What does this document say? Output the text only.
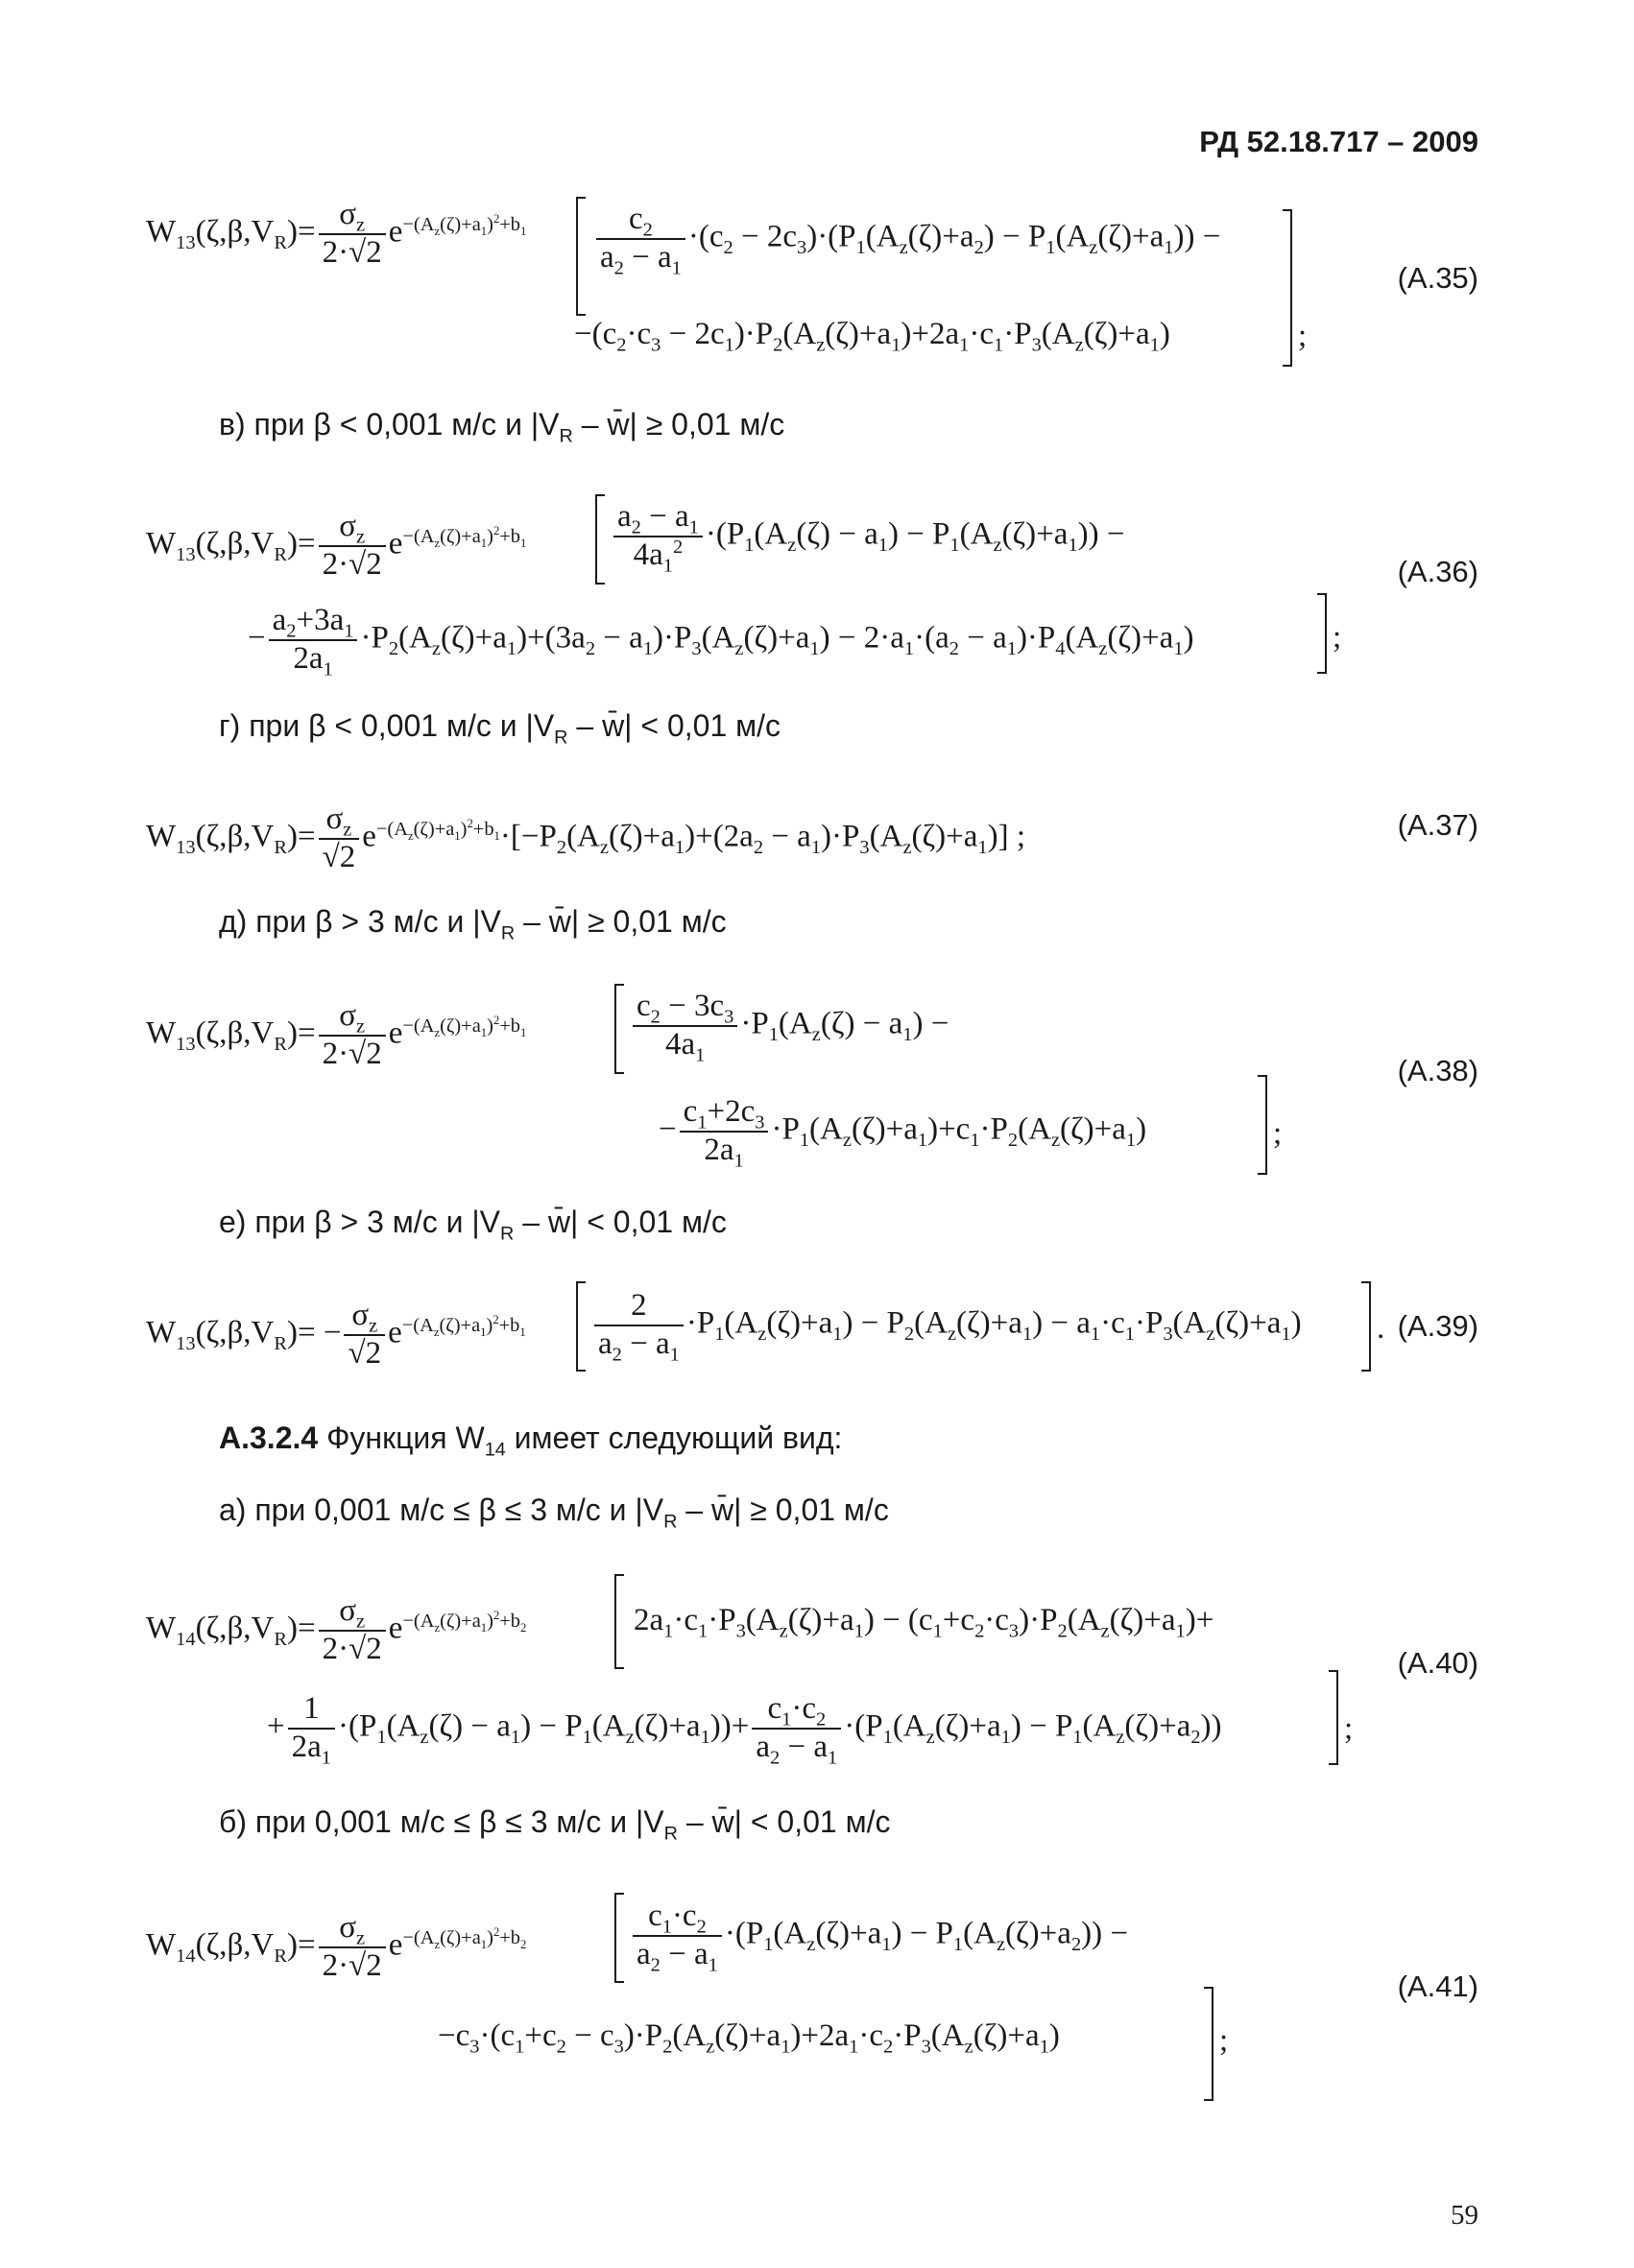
РД 52.18.717 – 2009
$W_{13}(\zeta,\beta,V_R)= \frac{\sigma_z}{2\cdot√2} e^{-(A_z(\zeta)+a_1)^2+b_1} \frac{c_2}{a_2 - a_1} \cdot(c_2 - 2c_3)\cdot(P_1(A_z(\zeta)+a_2) - P_1(A_z(\zeta)+a_1))$ −
$-(c_2\cdot c_3 - 2c_1)\cdot P_2(A_z(\zeta)+a_1)+2a_1\cdot c_1\cdot P_3(A_z(\zeta)+a_1)$	;
(А.35)
в) при β < 0,001 м/с и $|V_R$ – w̄| ≥ 0,01 м/с
$W_{13}(\zeta,\beta,V_R)= \frac{\sigma_z}{2\cdot√2} e^{-(A_z(\zeta)+a_1)^2+b_1}$	$\frac{a_2 - a_1}{4a_1^2} \cdot(P_1(A_z(\zeta) - a_1) - P_1(A_z(\zeta)+a_1))$ −
− $\frac{a_2+3a_1}{2a_1} \cdot P_2(A_z(\zeta)+a_1)+(3a_2 - a_1)\cdot P_3(A_z(\zeta)+a_1) - 2\cdot a_1\cdot(a_2 - a_1)\cdot P_4(A_z(\zeta)+a_1)$	;
(А.36)
г) при β < 0,001 м/с и $|V_R$ – w̄| < 0,01 м/с
$W_{13}(\zeta,\beta,V_R)= \frac{\sigma_z}{√2} e^{-(A_z(\zeta)+a_1)^2+b_1}\cdot[-P_2(A_z(\zeta)+a_1)+(2a_2 - a_1)\cdot P_3(A_z(\zeta)+a_1)]$ ;	(А.37)
д) при β > 3 м/с и $|V_R$ – w̄| ≥ 0,01 м/с
$W_{13}(\zeta,\beta,V_R)= \frac{\sigma_z}{2\cdot√2} e^{-(A_z(\zeta)+a_1)^2+b_1}$	$\frac{c_2 - 3c_3}{4a_1} \cdot P_1(A_z(\zeta) - a_1)$ −
− $\frac{c_1+2c_3}{2a_1} \cdot P_1(A_z(\zeta)+a_1)+c_1\cdot P_2(A_z(\zeta)+a_1)$	;
(А.38)
е) при β > 3 м/с и $|V_R$ – w̄| < 0,01 м/с
$W_{13}(\zeta,\beta,V_R)= - \frac{\sigma_z}{√2} e^{-(A_z(\zeta)+a_1)^2+b_1} \frac{2}{a_2 - a_1} \cdot P_1(A_z(\zeta)+a_1) - P_2(A_z(\zeta)+a_1) - a_1\cdot c_1\cdot P_3(A_z(\zeta)+a_1)$ . (А.39)
А.3.2.4 Функция $W_{14}$ имеет следующий вид:
а) при 0,001 м/с ≤ β ≤ 3 м/с и $|V_R$ – w̄| ≥ 0,01 м/с
$W_{14}(\zeta,\beta,V_R)= \frac{\sigma_z}{2\cdot√2} e^{-(A_z(\zeta)+a_1)^2+b_2}$	$2a_1\cdot c_1\cdot P_3(A_z(\zeta)+a_1) - (c_1+c_2\cdot c_3)\cdot P_2(A_z(\zeta)+a_1)+$
+ $\frac{1}{2a_1} \cdot(P_1(A_z(\zeta) - a_1) - P_1(A_z(\zeta)+a_1))+ \frac{c_1\cdot c_2}{a_2 - a_1} \cdot(P_1(A_z(\zeta)+a_1) - P_1(A_z(\zeta)+a_2))$	;
(А.40)
б) при 0,001 м/с ≤ β ≤ 3 м/с и $|V_R$ – w̄| < 0,01 м/с
$W_{14}(\zeta,\beta,V_R)= \frac{\sigma_z}{2\cdot√2} e^{-(A_z(\zeta)+a_1)^2+b_2}$	$\frac{c_1\cdot c_2}{a_2 - a_1} \cdot(P_1(A_z(\zeta)+a_1) - P_1(A_z(\zeta)+a_2))$ −
$-c_3\cdot(c_1+c_2 - c_3)\cdot P_2(A_z(\zeta)+a_1)+2a_1\cdot c_2\cdot P_3(A_z(\zeta)+a_1)$	;
(А.41)
59
